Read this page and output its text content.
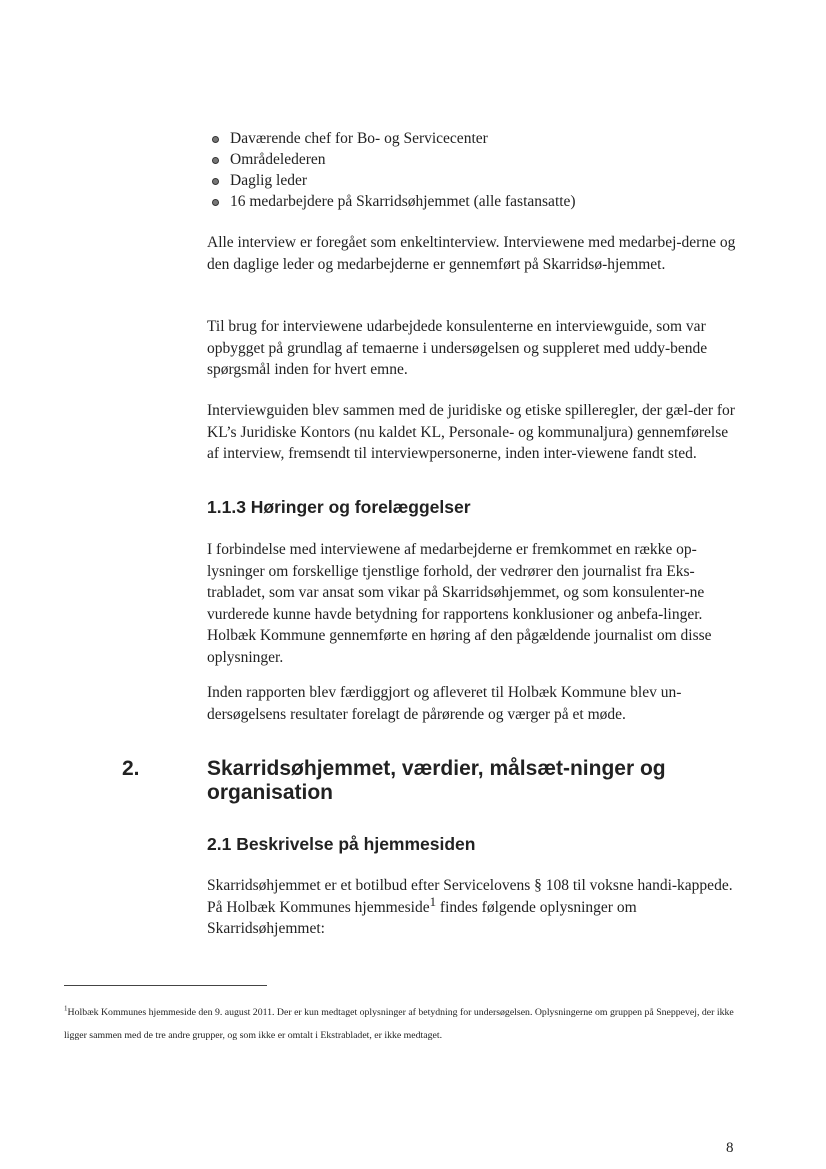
Daværende chef for Bo- og Servicecenter
Områdelederen
Daglig leder
16 medarbejdere på Skarridsøhjemmet (alle fastansatte)

Alle interview er foregået som enkeltinterview. Interviewene med medarbej-derne og den daglige leder og medarbejderne er gennemført på Skarridsø-hjemmet.

Til brug for interviewene udarbejdede konsulenterne en interviewguide, som var opbygget på grundlag af temaerne i undersøgelsen og suppleret med uddy-bende spørgsmål inden for hvert emne.

Interviewguiden blev sammen med de juridiske og etiske spilleregler, der gæl-der for KL’s Juridiske Kontors (nu kaldet KL, Personale- og kommunaljura) gennemførelse af interview, fremsendt til interviewpersonerne, inden inter-viewene fandt sted.

1.1.3 Høringer og forelæggelser

I forbindelse med interviewene af medarbejderne er fremkommet en række op-lysninger om forskellige tjenstlige forhold, der vedrører den journalist fra Eks-trabladet, som var ansat som vikar på Skarridsøhjemmet, og som konsulenter-ne vurderede kunne havde betydning for rapportens konklusioner og anbefa-linger. Holbæk Kommune gennemførte en høring af den pågældende journalist om disse oplysninger.

Inden rapporten blev færdiggjort og afleveret til Holbæk Kommune blev un-dersøgelsens resultater forelagt de pårørende og værger på et møde.

2.	Skarridsøhjemmet, værdier, målsæt-ninger og organisation
2.1 Beskrivelse på hjemmesiden

Skarridsøhjemmet er et botilbud efter Servicelovens § 108 til voksne handi-kappede. På Holbæk Kommunes hjemmeside$^1$ findes følgende oplysninger om Skarridsøhjemmet:

$^1$Holbæk Kommunes hjemmeside den 9. august 2011. Der er kun medtaget oplysninger af betydning for undersøgelsen. Oplysningerne om gruppen på Sneppevej, der ikke ligger sammen med de tre andre grupper, og som ikke er omtalt i Ekstrabladet, er ikke medtaget.

8
